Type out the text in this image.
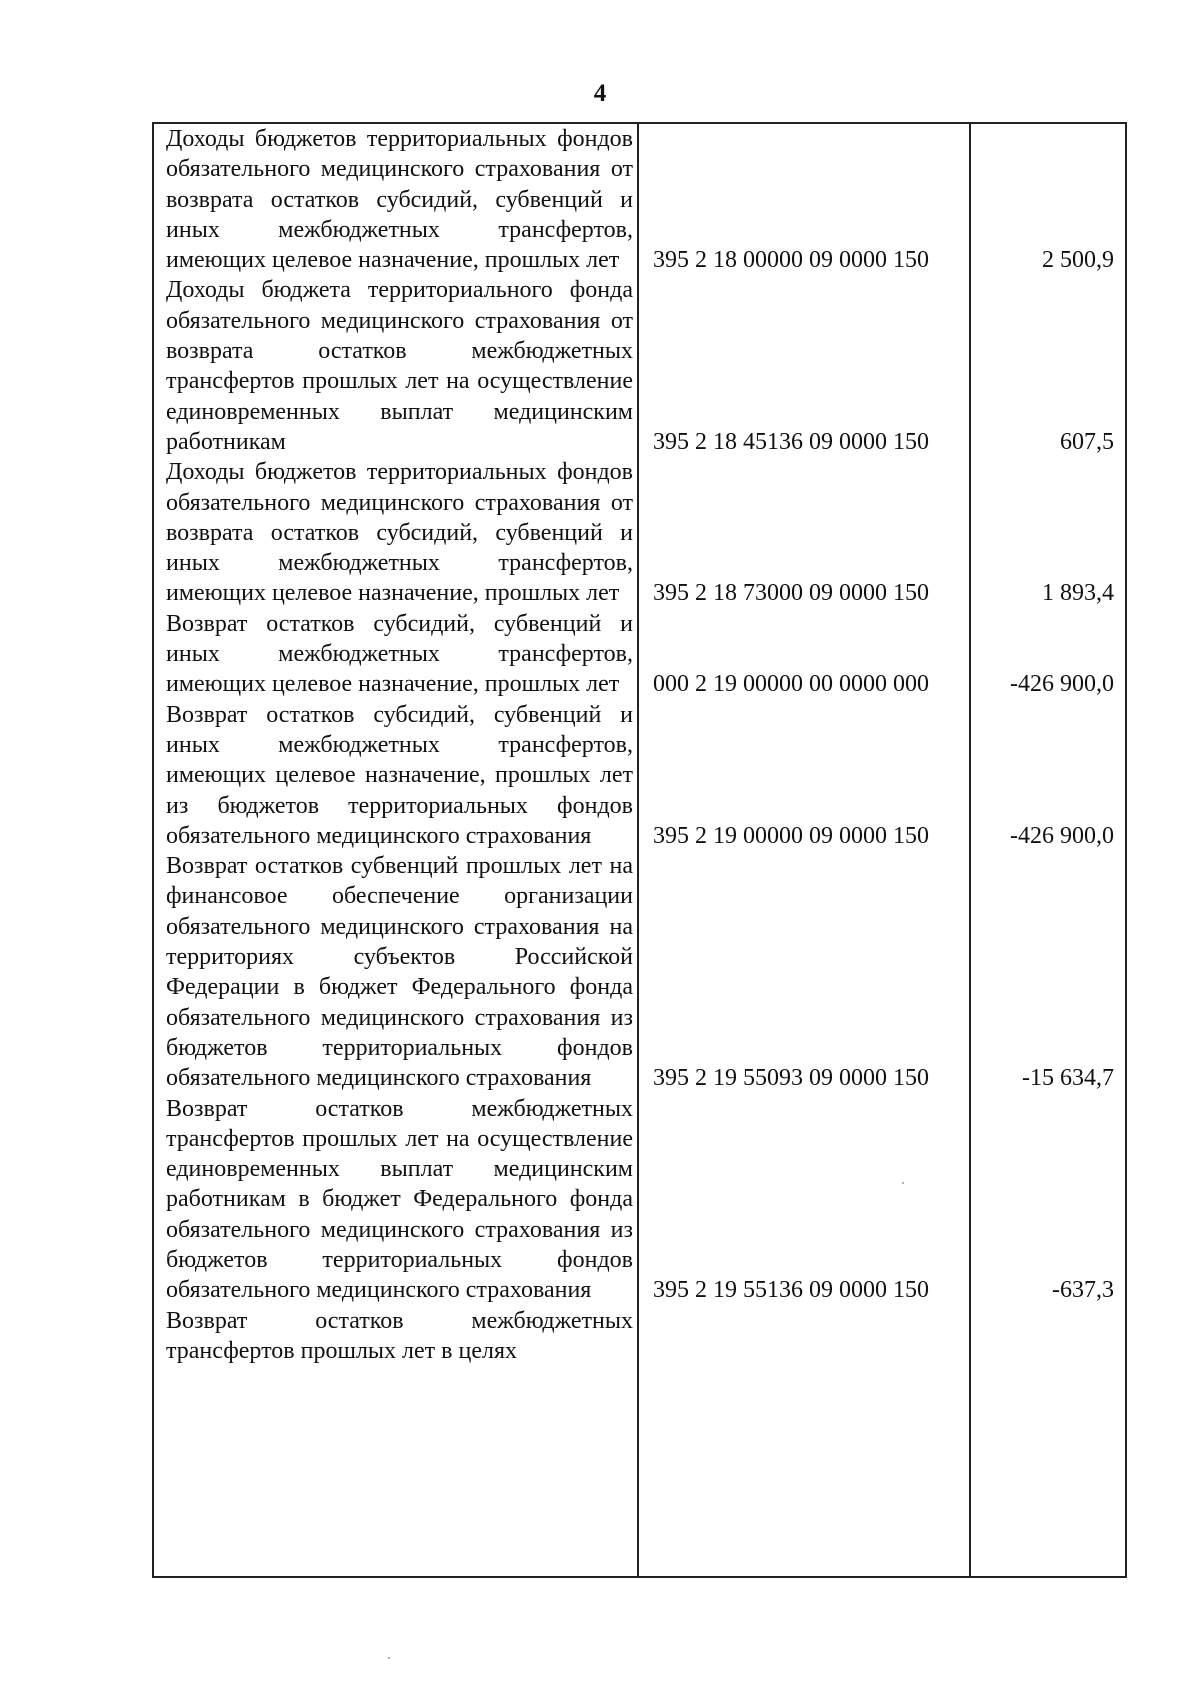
4
Доходы бюджетов территориальных фондов обязательного медицинского страхования от возврата остатков субсидий, субвенций и иных межбюджетных трансфертов, имеющих целевое назначение, прошлых лет	395 2 18 00000 09 0000 150	2 500,9
Доходы бюджета территориального фонда обязательного медицинского страхования от возврата остатков межбюджетных трансфертов прошлых лет на осуществление единовременных выплат медицинским работникам	395 2 18 45136 09 0000 150	607,5
Доходы бюджетов территориальных фондов обязательного медицинского страхования от возврата остатков субсидий, субвенций и иных межбюджетных трансфертов, имеющих целевое назначение, прошлых лет	395 2 18 73000 09 0000 150	1 893,4
Возврат остатков субсидий, субвенций и иных межбюджетных трансфертов, имеющих целевое назначение, прошлых лет	000 2 19 00000 00 0000 000	-426 900,0
Возврат остатков субсидий, субвенций и иных межбюджетных трансфертов, имеющих целевое назначение, прошлых лет из бюджетов территориальных фондов обязательного медицинского страхования	395 2 19 00000 09 0000 150	-426 900,0
Возврат остатков субвенций прошлых лет на финансовое обеспечение организации обязательного медицинского страхования на территориях субъектов Российской Федерации в бюджет Федерального фонда обязательного медицинского страхования из бюджетов территориальных фондов обязательного медицинского страхования	395 2 19 55093 09 0000 150	-15 634,7
Возврат остатков межбюджетных трансфертов прошлых лет на осуществление единовременных выплат медицинским работникам в бюджет Федерального фонда обязательного медицинского страхования из бюджетов территориальных фондов обязательного медицинского страхования	395 2 19 55136 09 0000 150	-637,3
Возврат остатков межбюджетных трансфертов прошлых лет в целях
